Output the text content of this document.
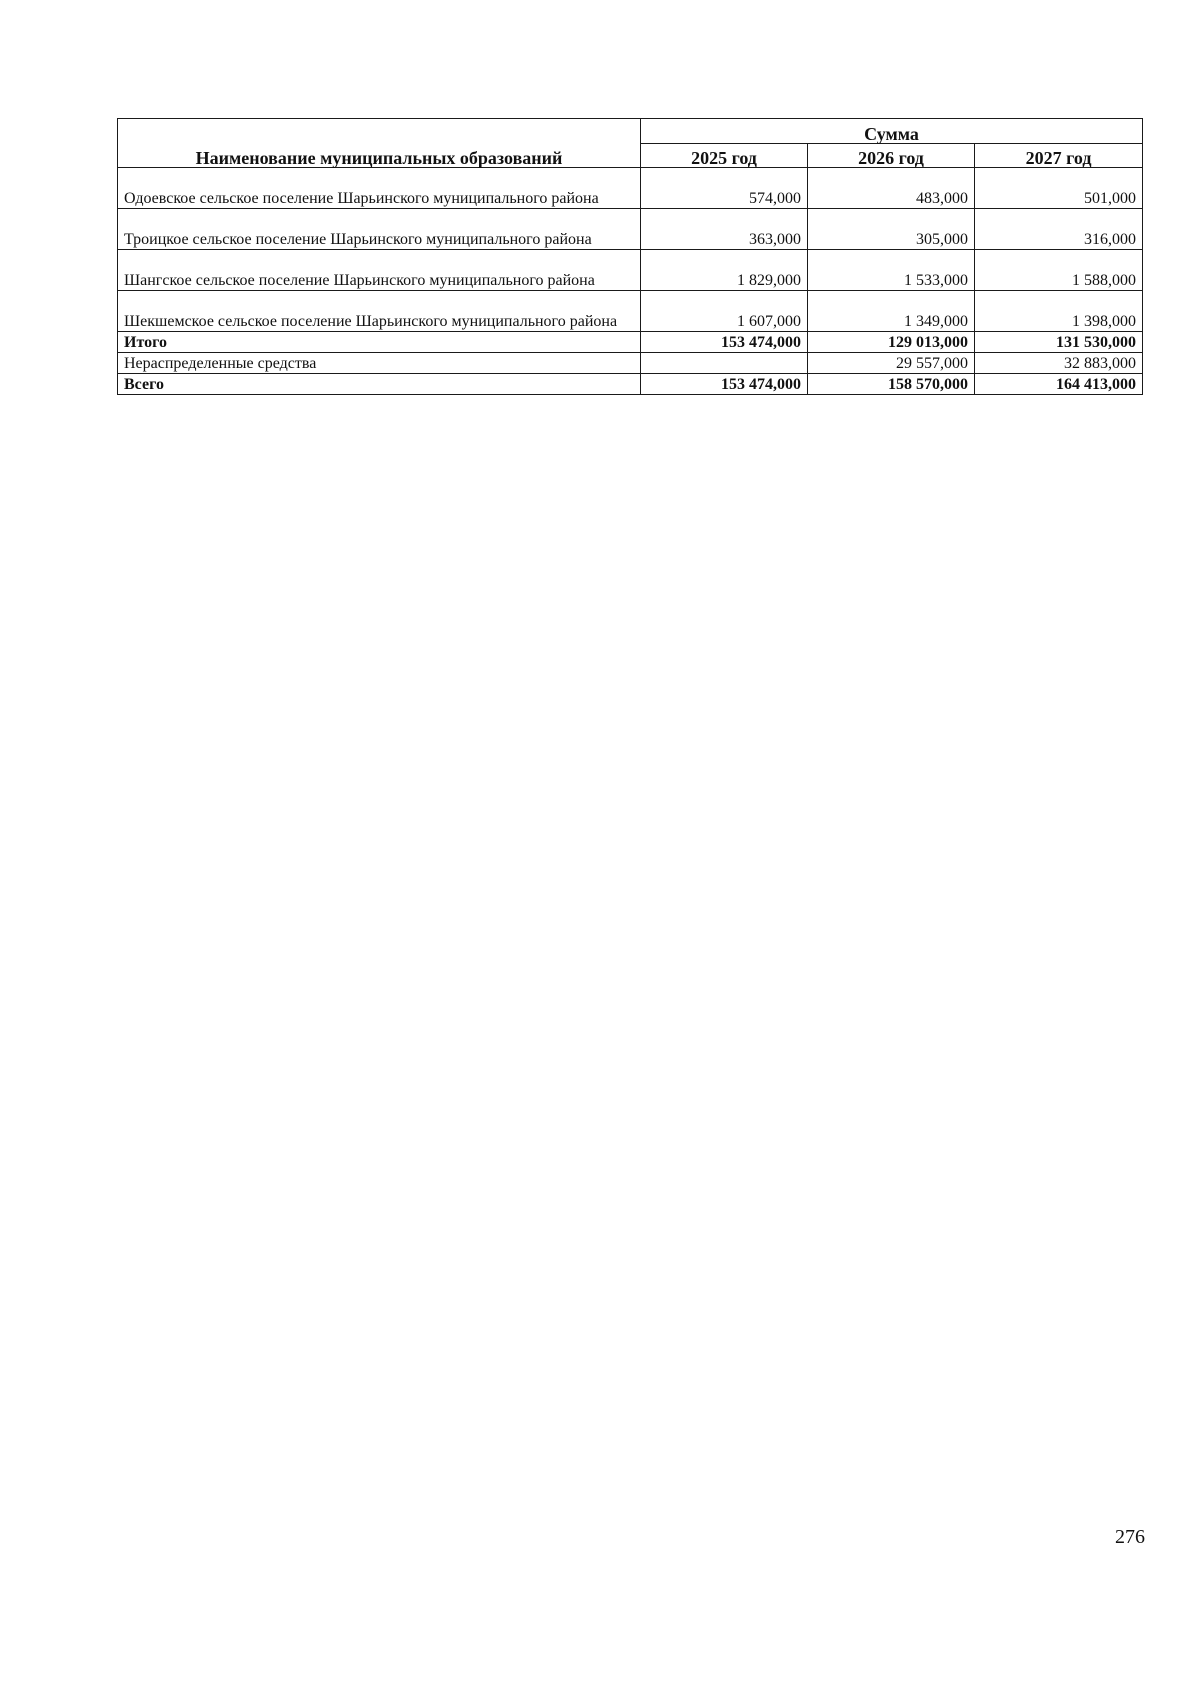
Наименование муниципальных образований	Сумма		
	2025 год	2026 год	2027 год
Одоевское сельское поселение Шарьинского муниципального района	574,000	483,000	501,000
Троицкое сельское поселение Шарьинского муниципального района	363,000	305,000	316,000
Шангское сельское поселение Шарьинского муниципального района	1 829,000	1 533,000	1 588,000
Шекшемское сельское поселение Шарьинского муниципального района	1 607,000	1 349,000	1 398,000
Итого	153 474,000	129 013,000	131 530,000
Нераспределенные средства		29 557,000	32 883,000
Всего	153 474,000	158 570,000	164 413,000
276
